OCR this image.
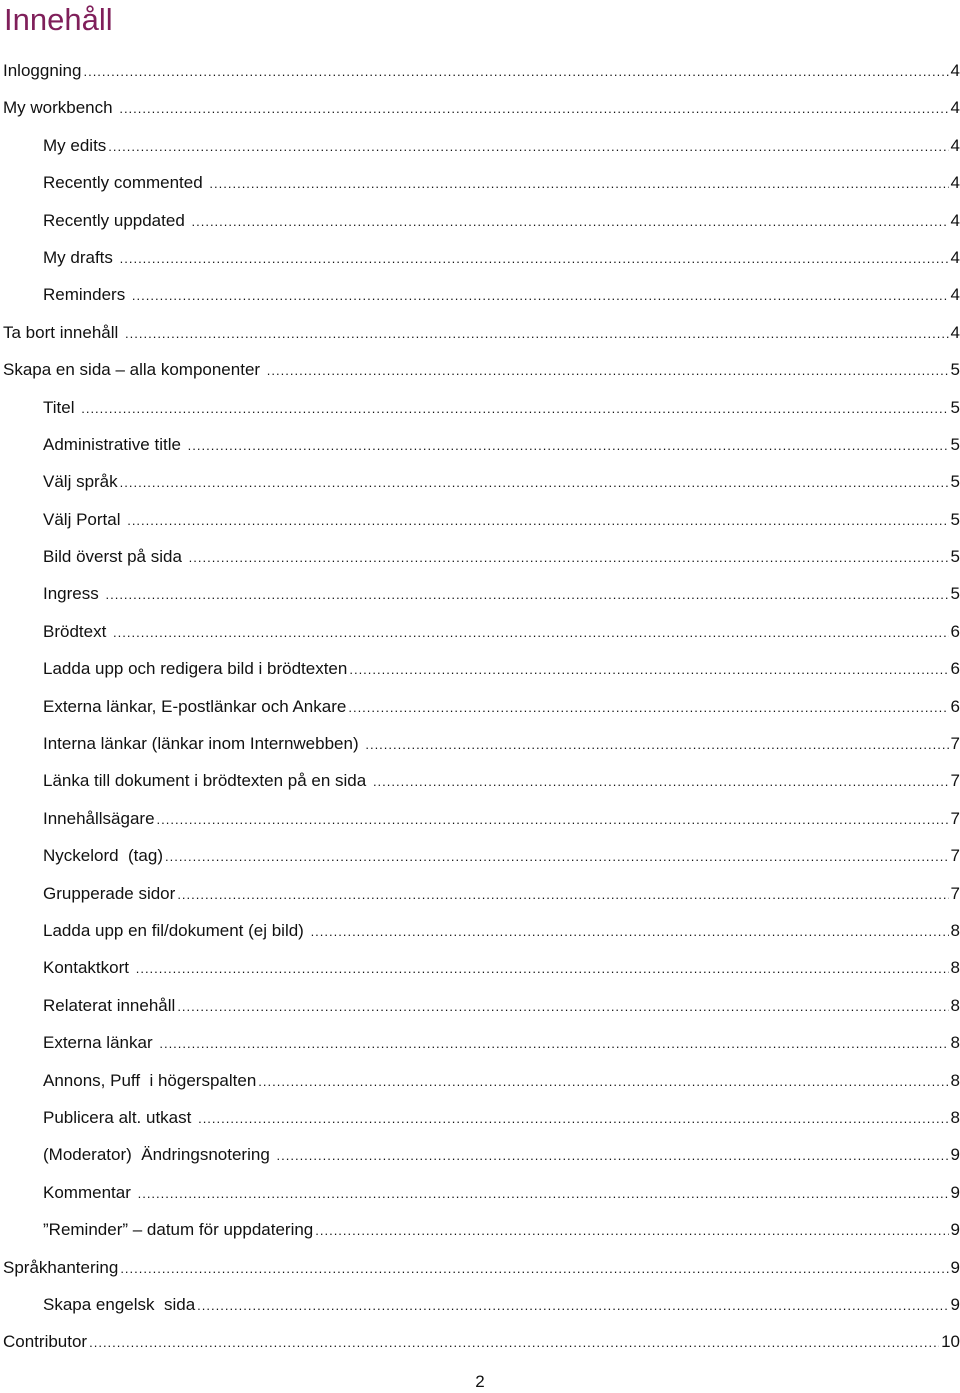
Innehåll
Inloggning .....	4
My workbench .....	4
My edits .....	4
Recently commented .....	4
Recently uppdated .....	4
My drafts .....	4
Reminders .....	4
Ta bort innehåll .....	4
Skapa en sida – alla komponenter .....	5
Titel .....	5
Administrative title .....	5
Välj språk .....	5
Välj Portal .....	5
Bild överst på sida .....	5
Ingress .....	5
Brödtext .....	6
Ladda upp och redigera bild i brödtexten .....	6
Externa länkar, E-postlänkar och Ankare .....	6
Interna länkar (länkar inom Internwebben) .....	7
Länka till dokument i brödtexten på en sida .....	7
Innehållsägare .....	7
Nyckelord  (tag) .....	7
Grupperade sidor .....	7
Ladda upp en fil/dokument (ej bild) .....	8
Kontaktkort .....	8
Relaterat innehåll .....	8
Externa länkar .....	8
Annons, Puff  i högerspalten .....	8
Publicera alt. utkast .....	8
(Moderator)  Ändringsnotering .....	9
Kommentar .....	9
”Reminder” – datum för uppdatering .....	9
Språkhantering .....	9
Skapa engelsk  sida .....	9
Contributor .....	10
2
